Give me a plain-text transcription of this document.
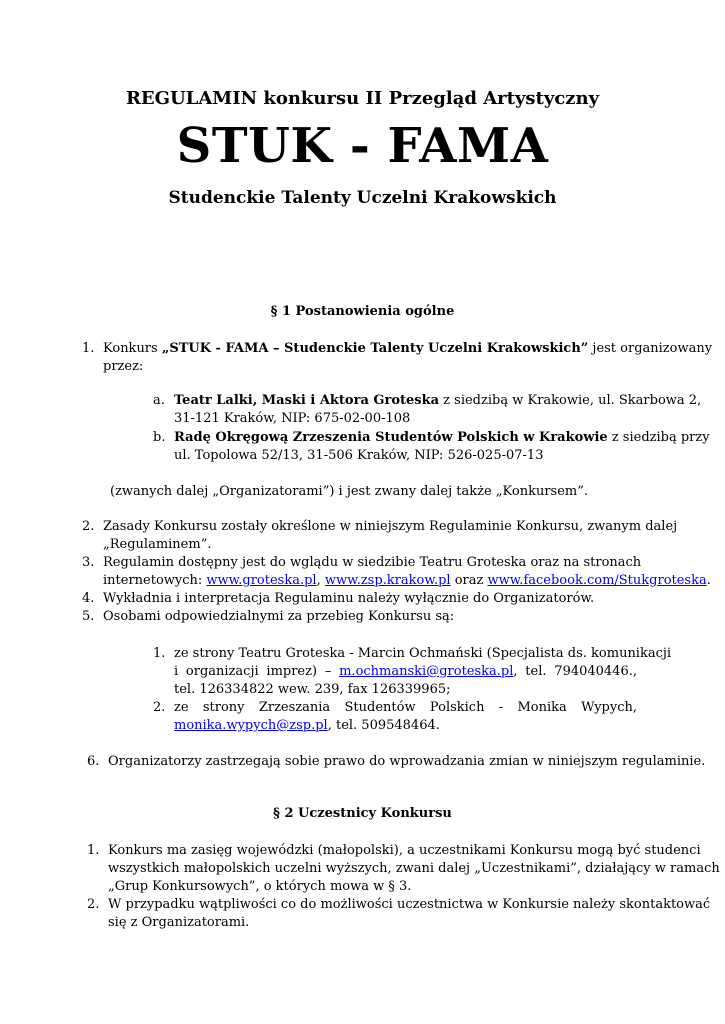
REGULAMIN konkursu II Przegląd Artystyczny
STUK - FAMA
Studenckie Talenty Uczelni Krakowskich
§ 1 Postanowienia ogólne
1. Konkurs „STUK - FAMA – Studenckie Talenty Uczelni Krakowskich” jest organizowany
przez:
a. Teatr Lalki, Maski i Aktora Groteska z siedzibą w Krakowie, ul. Skarbowa 2,
31-121 Kraków, NIP: 675-02-00-108
b. Radę Okręgową Zrzeszenia Studentów Polskich w Krakowie z siedzibą przy
ul. Topolowa 52/13, 31-506 Kraków, NIP: 526-025-07-13
(zwanych dalej „Organizatorami”) i jest zwany dalej także „Konkursem”.
2. Zasady Konkursu zostały określone w niniejszym Regulaminie Konkursu, zwanym dalej
„Regulaminem”.
3. Regulamin dostępny jest do wglądu w siedzibie Teatru Groteska oraz na stronach
internetowych: www.groteska.pl, www.zsp.krakow.pl oraz www.facebook.com/Stukgroteska.
4. Wykładnia i interpretacja Regulaminu należy wyłącznie do Organizatorów.
5. Osobami odpowiedzialnymi za przebieg Konkursu są:
1. ze strony Teatru Groteska - Marcin Ochmański (Specjalista ds. komunikacji
i organizacji imprez) – m.ochmanski@groteska.pl, tel. 794040446.,
tel. 126334822 wew. 239, fax 126339965;
2. ze strony Zrzeszania Studentów Polskich - Monika Wypych,
monika.wypych@zsp.pl, tel. 509548464.
6. Organizatorzy zastrzegają sobie prawo do wprowadzania zmian w niniejszym regulaminie.
§ 2 Uczestnicy Konkursu
1. Konkurs ma zasięg wojewódzki (małopolski), a uczestnikami Konkursu mogą być studenci
wszystkich małopolskich uczelni wyższych, zwani dalej „Uczestnikami”, działający w ramach
„Grup Konkursowych”, o których mowa w § 3.
2. W przypadku wątpliwości co do możliwości uczestnictwa w Konkursie należy skontaktować
się z Organizatorami.
